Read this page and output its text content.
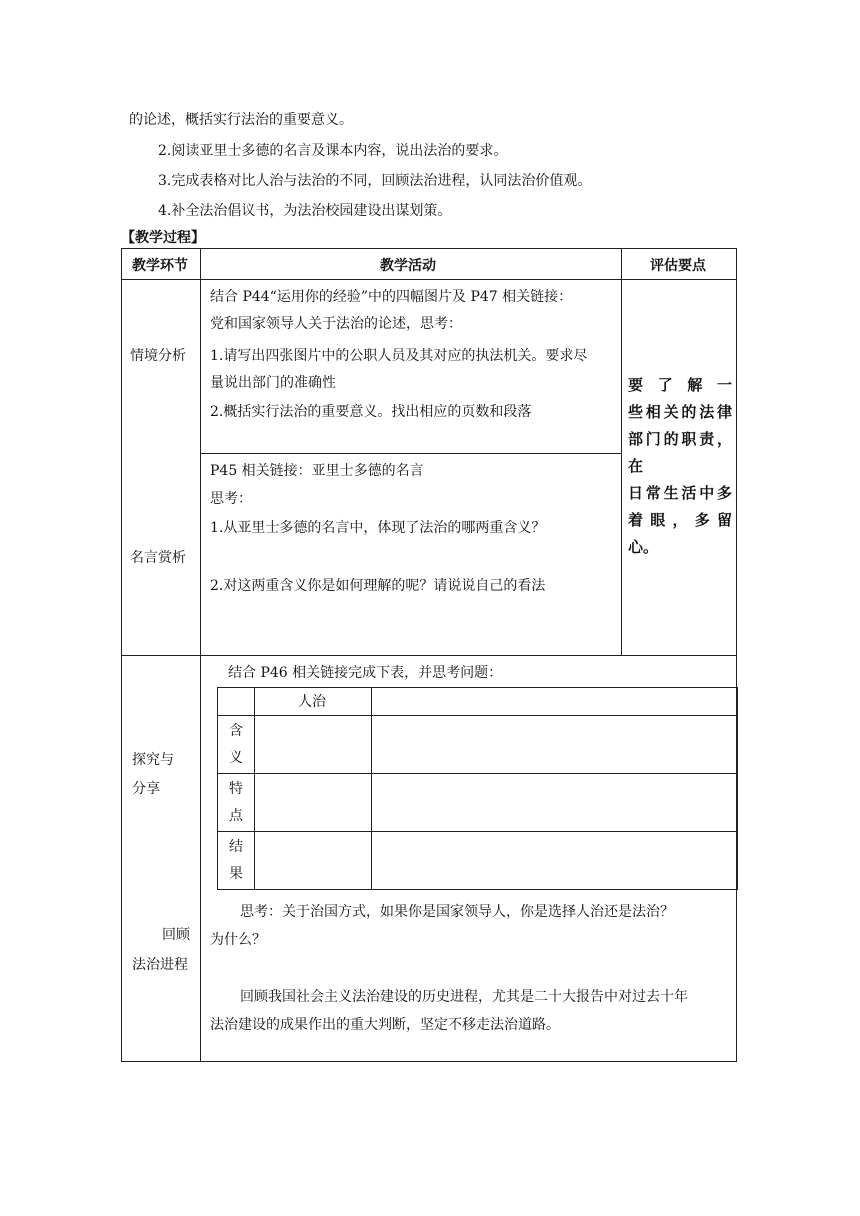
的论述，概括实行法治的重要意义。
2.阅读亚里士多德的名言及课本内容，说出法治的要求。
3.完成表格对比人治与法治的不同，回顾法治进程，认同法治价值观。
4.补全法治倡议书，为法治校园建设出谋划策。
【教学过程】
教学环节	教学活动	评估要点
情境分析
结合 P44“运用你的经验”中的四幅图片及 P47 相关链接：
党和国家领导人关于法治的论述，思考：
1.请写出四张图片中的公职人员及其对应的执法机关。要求尽
量说出部门的准确性
2.概括实行法治的重要意义。找出相应的页数和段落
名言赏析
P45 相关链接：亚里士多德的名言
思考：
1.从亚里士多德的名言中，体现了法治的哪两重含义？
2.对这两重含义你是如何理解的呢？请说说自己的看法
要了解一
些相关的法律
部门的职责，在
日常生活中多
着眼，多留心。
探究与
分享
结合 P46 相关链接完成下表，并思考问题：
人治
含
义
特
点
结
果
回顾
法治进程
思考：关于治国方式，如果你是国家领导人，你是选择人治还是法治？
为什么？
回顾我国社会主义法治建设的历史进程，尤其是二十大报告中对过去十年
法治建设的成果作出的重大判断，坚定不移走法治道路。
